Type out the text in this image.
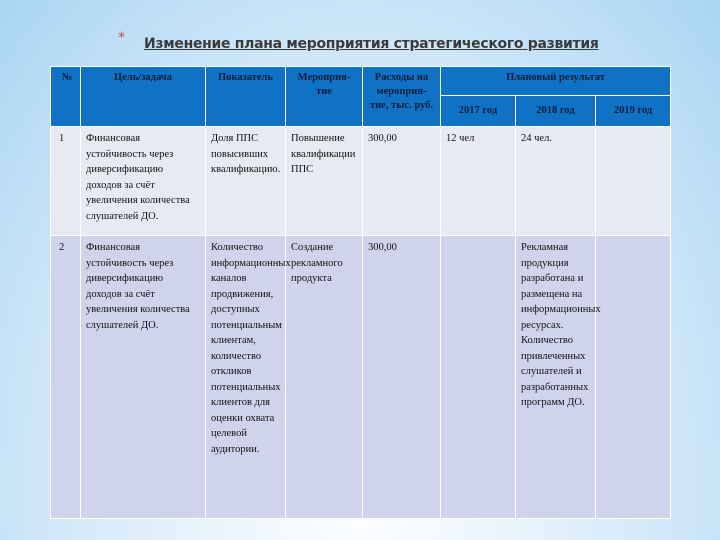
* Изменение плана мероприятия стратегического развития
№	Цель/задача	Показатель	Мероприя-тие	Расходы на мероприя-тие, тыс. руб.	Плановый результат		
					2017 год	2018 год	2019 год
1	Финансовая устойчивость через диверсификацию доходов за счёт увеличения количества слушателей ДО.	Доля ППС повысивших квалификацию.	Повышение квалификации ППС	300,00	12 чел	24 чел.	
2	Финансовая устойчивость через диверсификацию доходов за счёт увеличения количества слушателей ДО.	Количество информационных каналов продвижения, доступных потенциальным клиентам, количество откликов потенциальных клиентов для оценки охвата целевой аудитории.	Создание рекламного продукта	300,00		Рекламная продукция разработана и размещена на информационных ресурсах. Количество привлеченных слушателей и разработанных программ ДО.	
